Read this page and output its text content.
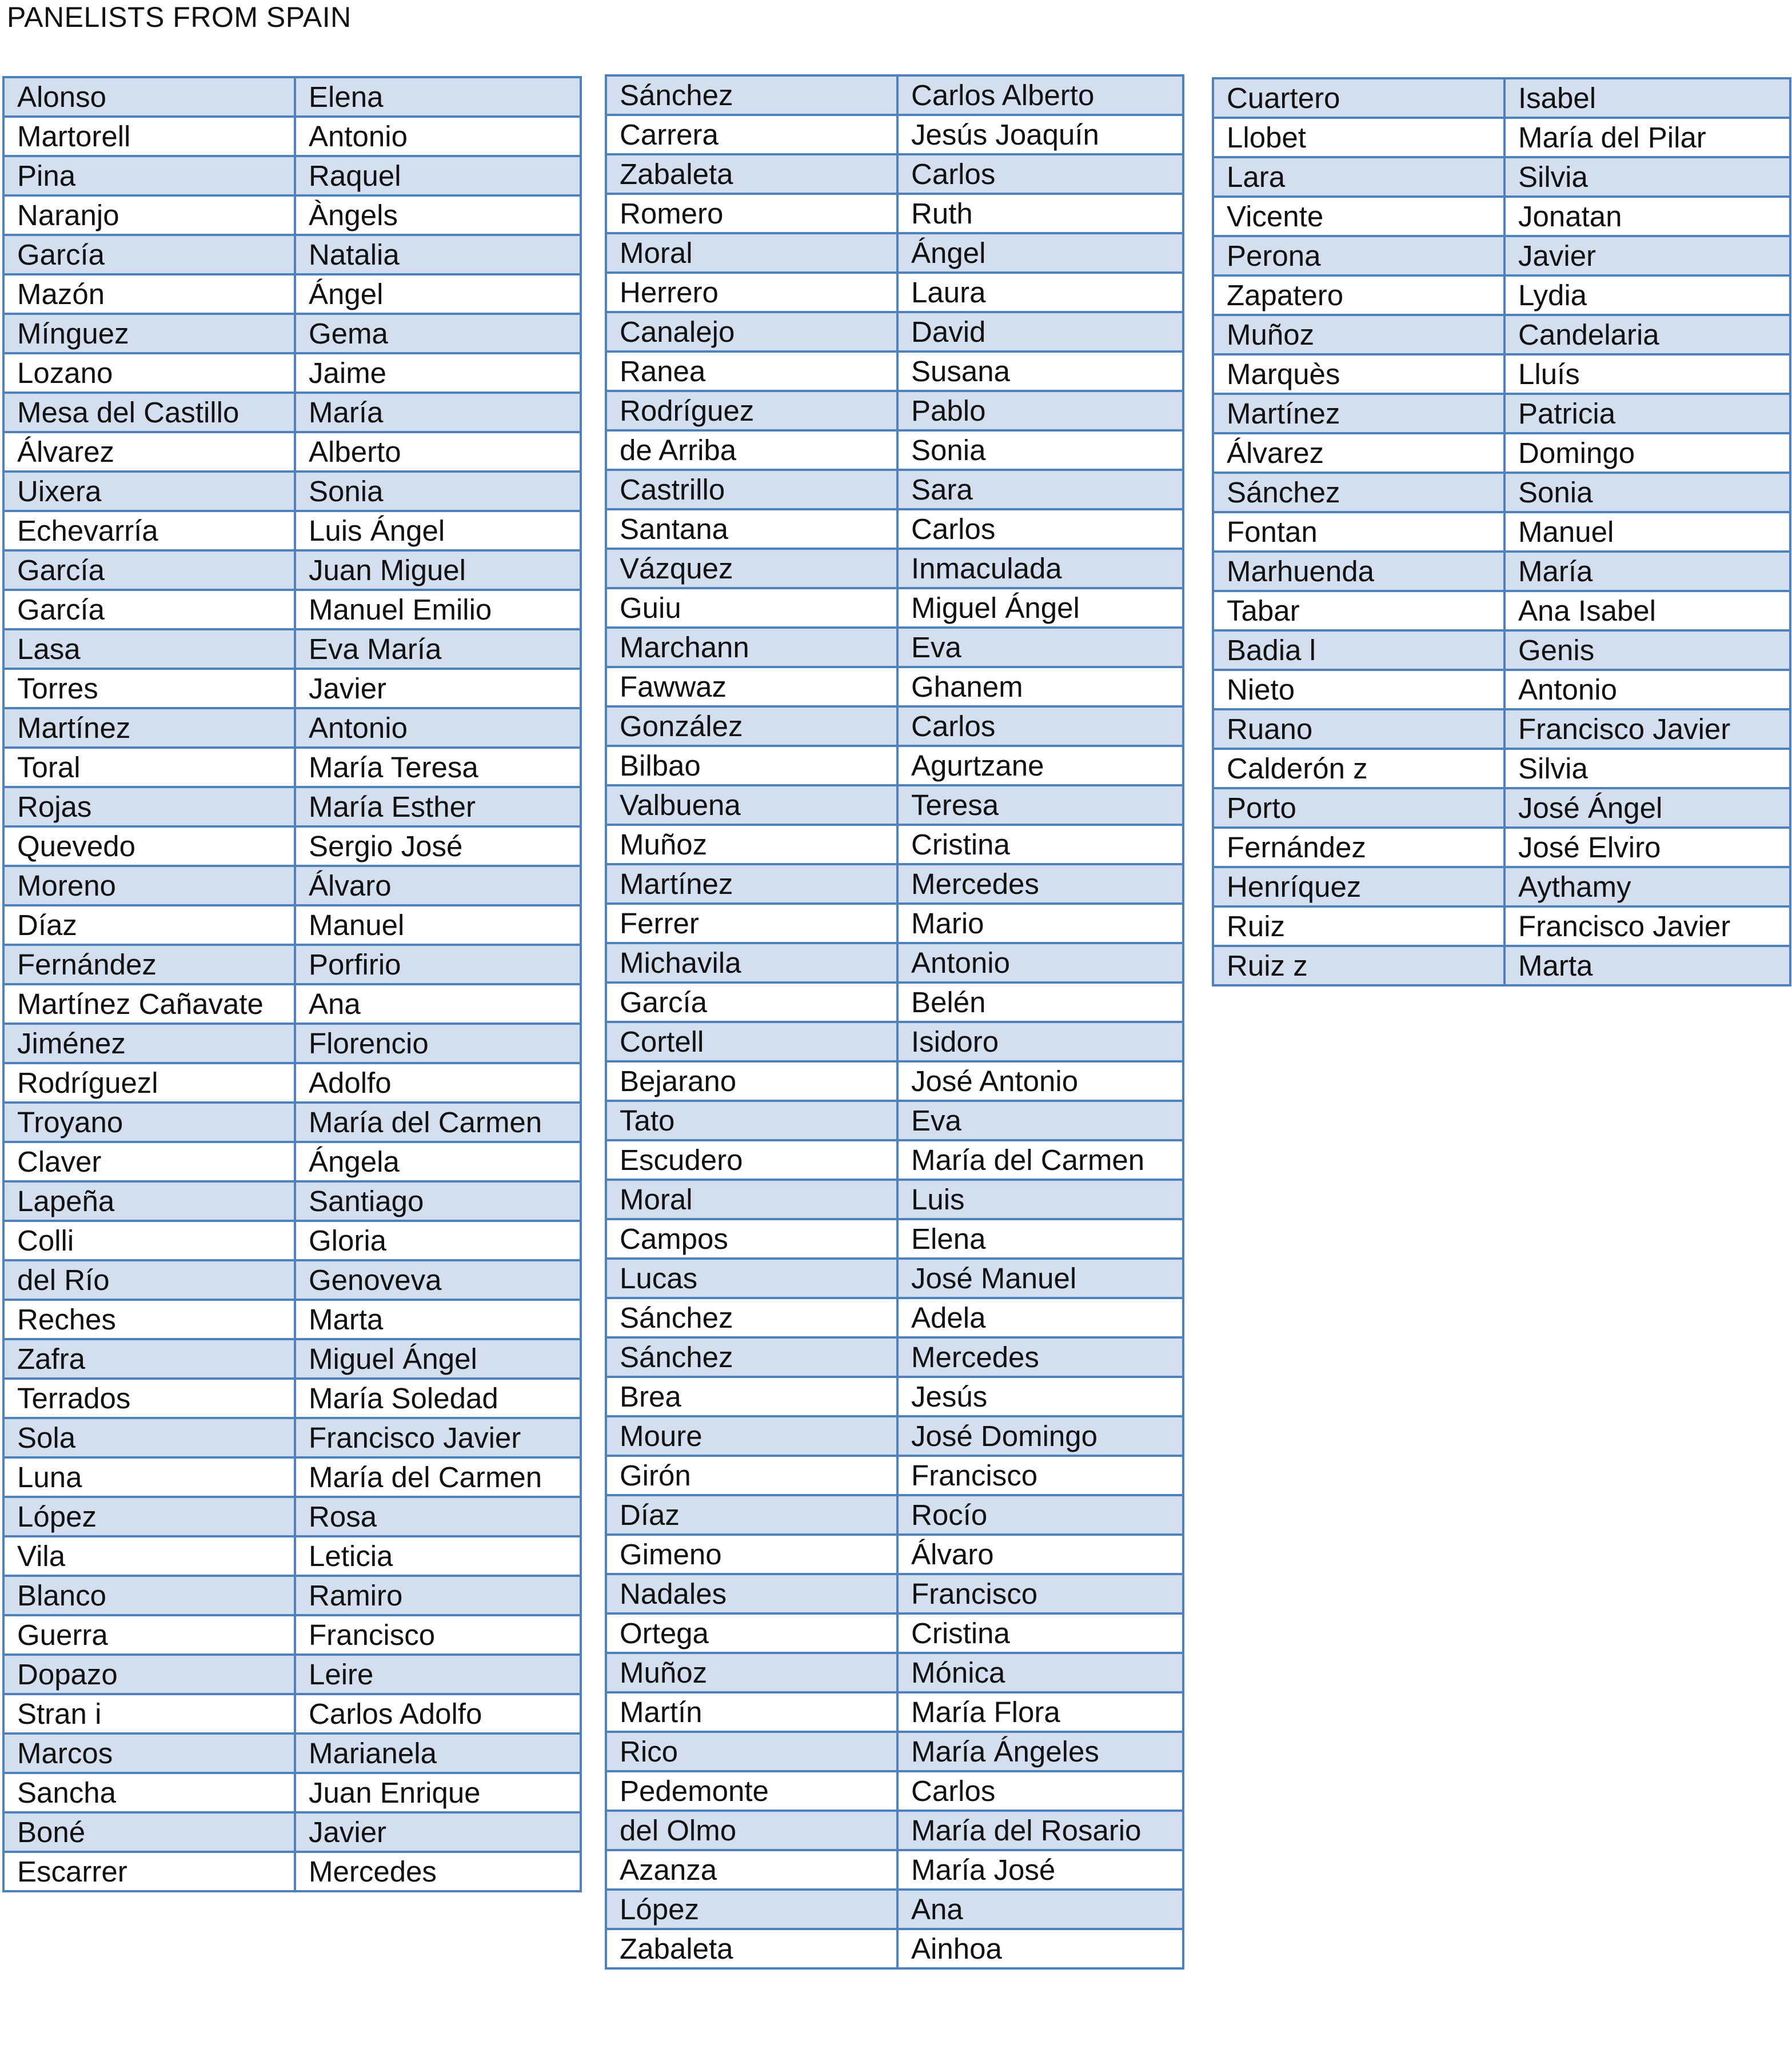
PANELISTS FROM SPAIN
Alonso	Elena
Martorell	Antonio
Pina	Raquel
Naranjo	Àngels
García	Natalia
Mazón	Ángel
Mínguez	Gema
Lozano	Jaime
Mesa del Castillo	María
Álvarez	Alberto
Uixera	Sonia
Echevarría	Luis Ángel
García	Juan Miguel
García	Manuel Emilio
Lasa	Eva María
Torres	Javier
Martínez	Antonio
Toral	María Teresa
Rojas	María Esther
Quevedo	Sergio José
Moreno	Álvaro
Díaz	Manuel
Fernández	Porfirio
Martínez Cañavate	Ana
Jiménez	Florencio
Rodríguezl	Adolfo
Troyano	María del Carmen
Claver	Ángela
Lapeña	Santiago
Colli	Gloria
del Río	Genoveva
Reches	Marta
Zafra	Miguel Ángel
Terrados	María Soledad
Sola	Francisco Javier
Luna	María del Carmen
López	Rosa
Vila	Leticia
Blanco	Ramiro
Guerra	Francisco
Dopazo	Leire
Stran i	Carlos Adolfo
Marcos	Marianela
Sancha	Juan Enrique
Boné	Javier
Escarrer	Mercedes
Sánchez	Carlos Alberto
Carrera	Jesús Joaquín
Zabaleta	Carlos
Romero	Ruth
Moral	Ángel
Herrero	Laura
Canalejo	David
Ranea	Susana
Rodríguez	Pablo
de Arriba	Sonia
Castrillo	Sara
Santana	Carlos
Vázquez	Inmaculada
Guiu	Miguel Ángel
Marchann	Eva
Fawwaz	Ghanem
González	Carlos
Bilbao	Agurtzane
Valbuena	Teresa
Muñoz	Cristina
Martínez	Mercedes
Ferrer	Mario
Michavila	Antonio
García	Belén
Cortell	Isidoro
Bejarano	José Antonio
Tato	Eva
Escudero	María del Carmen
Moral	Luis
Campos	Elena
Lucas	José Manuel
Sánchez	Adela
Sánchez	Mercedes
Brea	Jesús
Moure	José Domingo
Girón	Francisco
Díaz	Rocío
Gimeno	Álvaro
Nadales	Francisco
Ortega	Cristina
Muñoz	Mónica
Martín	María Flora
Rico	María Ángeles
Pedemonte	Carlos
del Olmo	María del Rosario
Azanza	María José
López	Ana
Zabaleta	Ainhoa
Cuartero	Isabel
Llobet	María del Pilar
Lara	Silvia
Vicente	Jonatan
Perona	Javier
Zapatero	Lydia
Muñoz	Candelaria
Marquès	Lluís
Martínez	Patricia
Álvarez	Domingo
Sánchez	Sonia
Fontan	Manuel
Marhuenda	María
Tabar	Ana Isabel
Badia l	Genis
Nieto	Antonio
Ruano	Francisco Javier
Calderón z	Silvia
Porto	José Ángel
Fernández	José Elviro
Henríquez	Aythamy
Ruiz	Francisco Javier
Ruiz z	Marta
